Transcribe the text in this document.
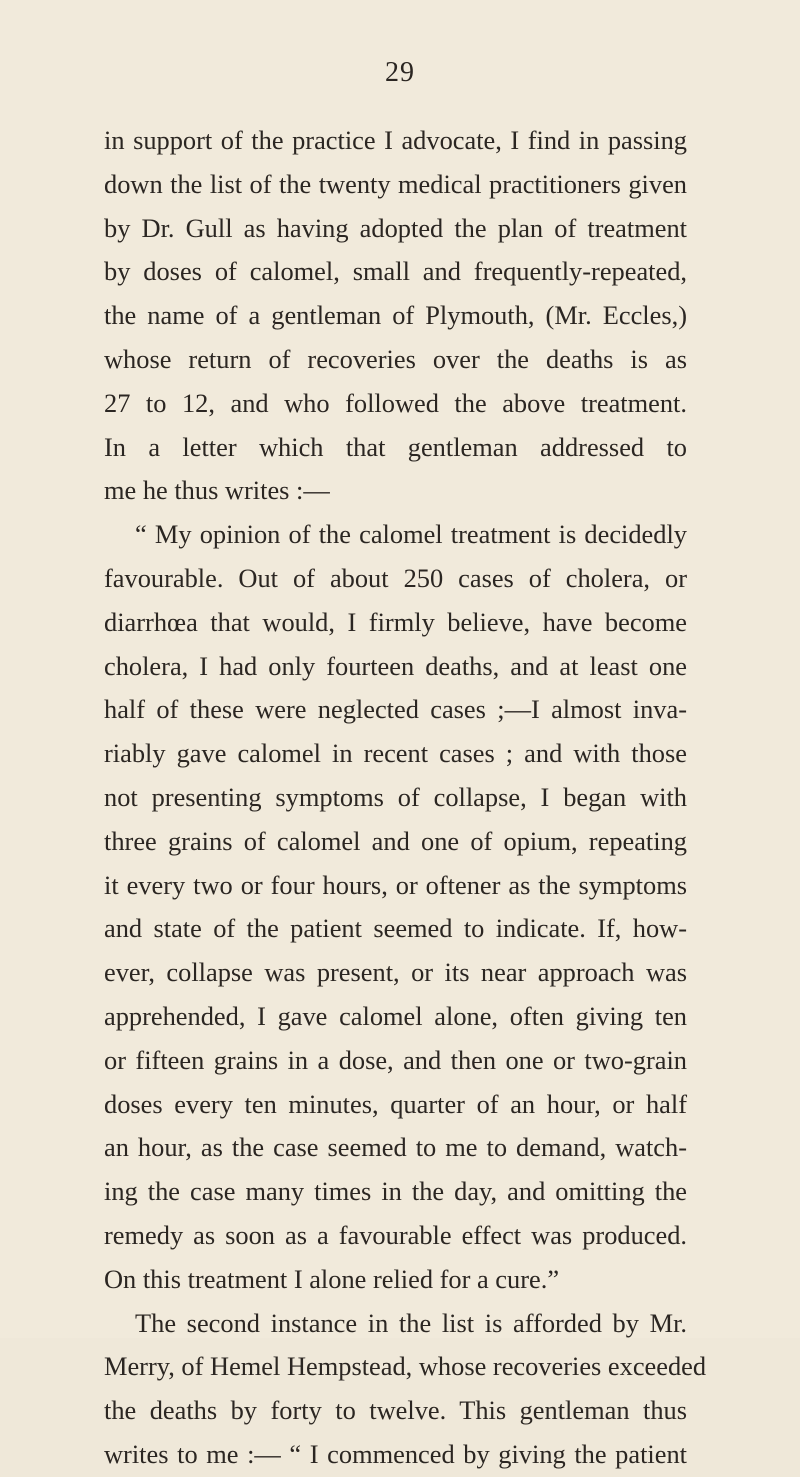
29
in support of the practice I advocate, I find in passing
down the list of the twenty medical practitioners given
by Dr. Gull as having adopted the plan of treatment
by doses of calomel, small and frequently-repeated,
the name of a gentleman of Plymouth, (Mr. Eccles,)
whose return of recoveries over the deaths is as
27 to 12, and who followed the above treatment.
In a letter which that gentleman addressed to
me he thus writes :—
“ My opinion of the calomel treatment is decidedly
favourable. Out of about 250 cases of cholera, or
diarrhœa that would, I firmly believe, have become
cholera, I had only fourteen deaths, and at least one
half of these were neglected cases ;—I almost inva-
riably gave calomel in recent cases ; and with those
not presenting symptoms of collapse, I began with
three grains of calomel and one of opium, repeating
it every two or four hours, or oftener as the symptoms
and state of the patient seemed to indicate. If, how-
ever, collapse was present, or its near approach was
apprehended, I gave calomel alone, often giving ten
or fifteen grains in a dose, and then one or two-grain
doses every ten minutes, quarter of an hour, or half
an hour, as the case seemed to me to demand, watch-
ing the case many times in the day, and omitting the
remedy as soon as a favourable effect was produced.
On this treatment I alone relied for a cure.”
The second instance in the list is afforded by Mr.
Merry, of Hemel Hempstead, whose recoveries exceeded
the deaths by forty to twelve. This gentleman thus
writes to me :— “ I commenced by giving the patient
